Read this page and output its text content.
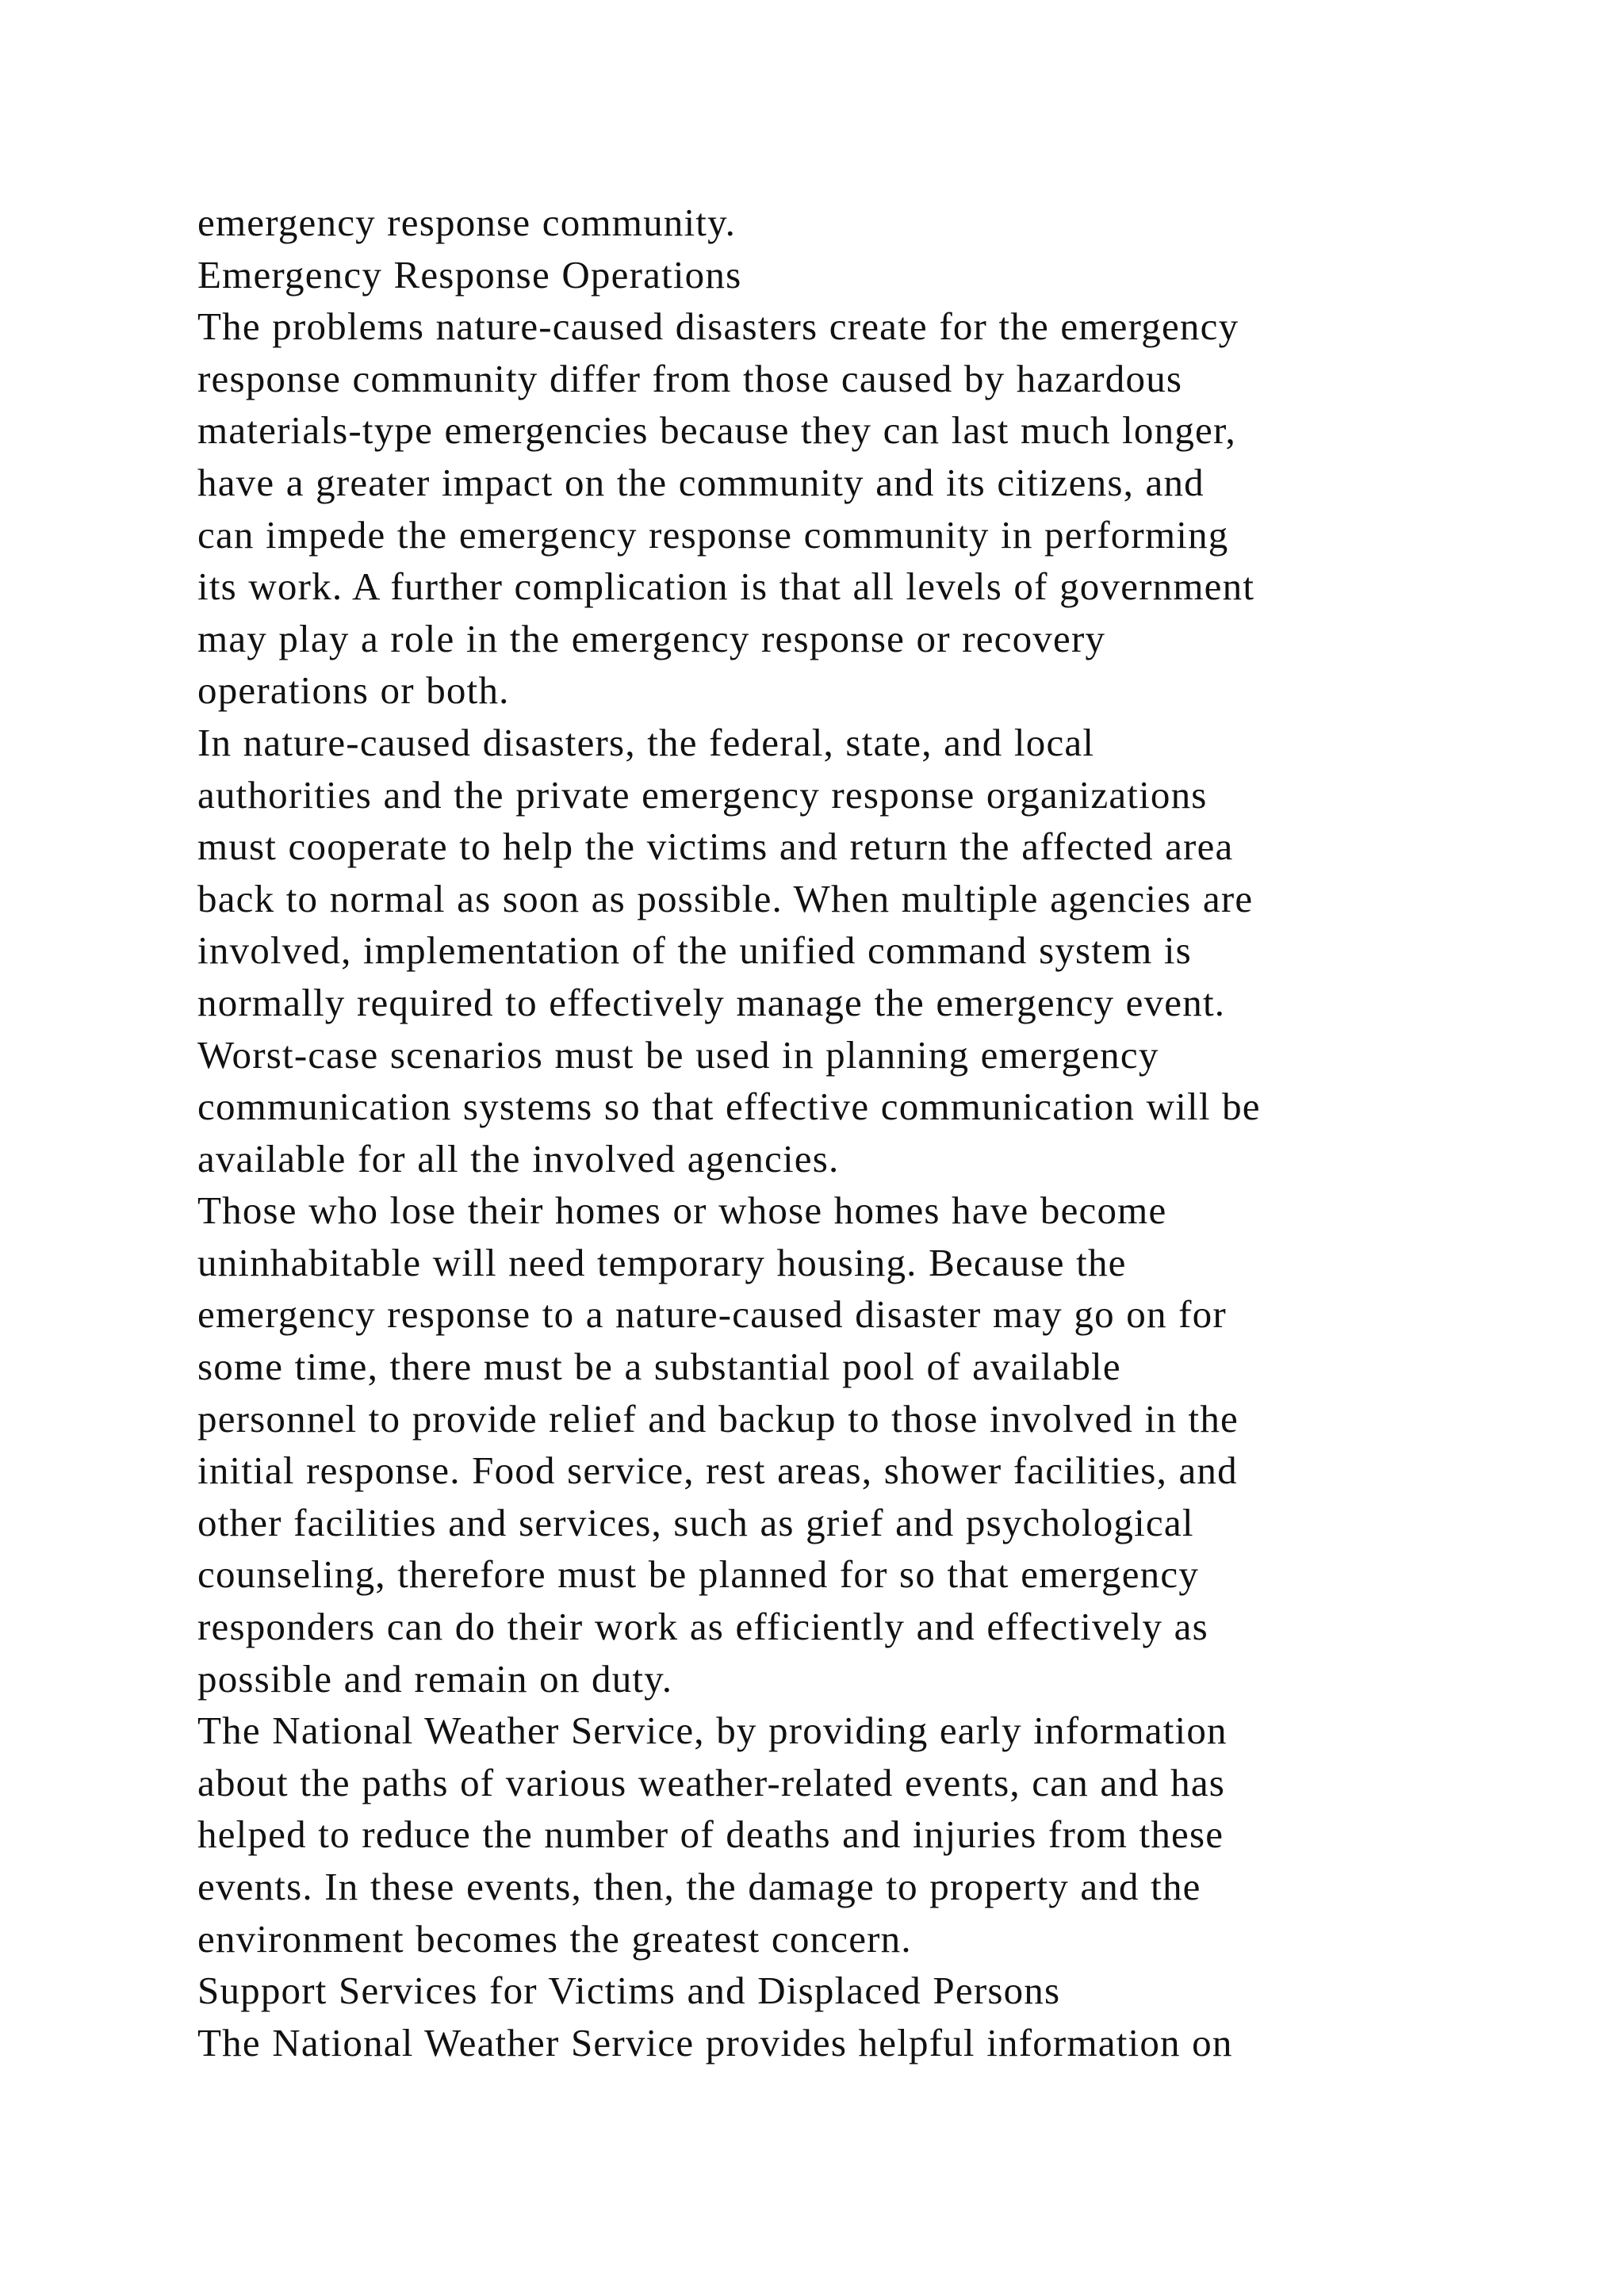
emergency response community.
Emergency Response Operations
The problems nature-caused disasters create for the emergency
response community differ from those caused by hazardous
materials-type emergencies because they can last much longer,
have a greater impact on the community and its citizens, and
can impede the emergency response community in performing
its work. A further complication is that all levels of government
may play a role in the emergency response or recovery
operations or both.
In nature-caused disasters, the federal, state, and local
authorities and the private emergency response organizations
must cooperate to help the victims and return the affected area
back to normal as soon as possible. When multiple agencies are
involved, implementation of the unified command system is
normally required to effectively manage the emergency event.
Worst-case scenarios must be used in planning emergency
communication systems so that effective communication will be
available for all the involved agencies.
Those who lose their homes or whose homes have become
uninhabitable will need temporary housing. Because the
emergency response to a nature-caused disaster may go on for
some time, there must be a substantial pool of available
personnel to provide relief and backup to those involved in the
initial response. Food service, rest areas, shower facilities, and
other facilities and services, such as grief and psychological
counseling, therefore must be planned for so that emergency
responders can do their work as efficiently and effectively as
possible and remain on duty.
The National Weather Service, by providing early information
about the paths of various weather-related events, can and has
helped to reduce the number of deaths and injuries from these
events. In these events, then, the damage to property and the
environment becomes the greatest concern.
Support Services for Victims and Displaced Persons
The National Weather Service provides helpful information on
